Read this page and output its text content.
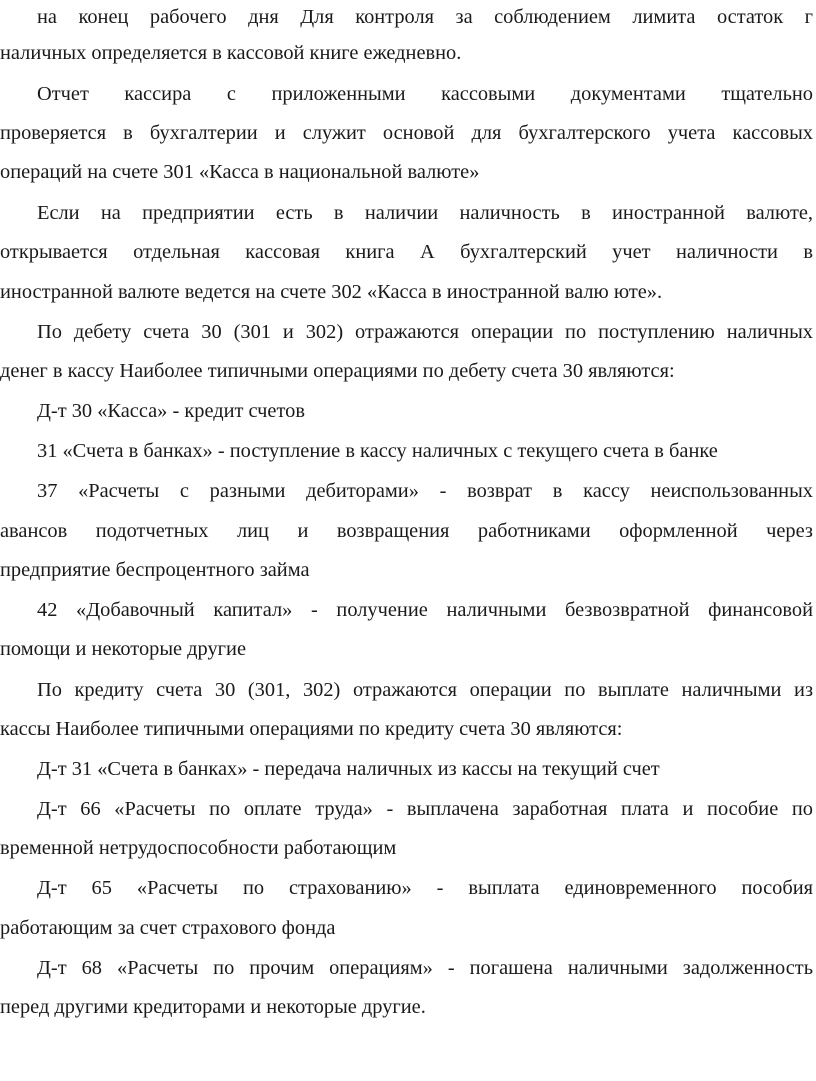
на конец рабочего дня Для контроля за соблюдением лимита остаток г
наличных определяется в кассовой книге ежедневно.
Отчет кассира с приложенными кассовыми документами тщательно
проверяется в бухгалтерии и служит основой для бухгалтерского учета кассовых
операций на счете 301 «Касса в национальной валюте»
Если на предприятии есть в наличии наличность в иностранной валюте,
открывается отдельная кассовая книга А бухгалтерский учет наличности в
иностранной валюте ведется на счете 302 «Касса в иностранной валю юте».
По дебету счета 30 (301 и 302) отражаются операции по поступлению наличных
денег в кассу Наиболее типичными операциями по дебету счета 30 являются:
Д-т 30 «Касса» - кредит счетов
31 «Счета в банках» - поступление в кассу наличных с текущего счета в банке
37 «Расчеты с разными дебиторами» - возврат в кассу неиспользованных
авансов подотчетных лиц и возвращения работниками оформленной через
предприятие беспроцентного займа
42 «Добавочный капитал» - получение наличными безвозвратной финансовой
помощи и некоторые другие
По кредиту счета 30 (301, 302) отражаются операции по выплате наличными из
кассы Наиболее типичными операциями по кредиту счета 30 являются:
Д-т 31 «Счета в банках» - передача наличных из кассы на текущий счет
Д-т 66 «Расчеты по оплате труда» - выплачена заработная плата и пособие по
временной нетрудоспособности работающим
Д-т 65 «Расчеты по страхованию» - выплата единовременного пособия
работающим за счет страхового фонда
Д-т 68 «Расчеты по прочим операциям» - погашена наличными задолженность
перед другими кредиторами и некоторые другие.
